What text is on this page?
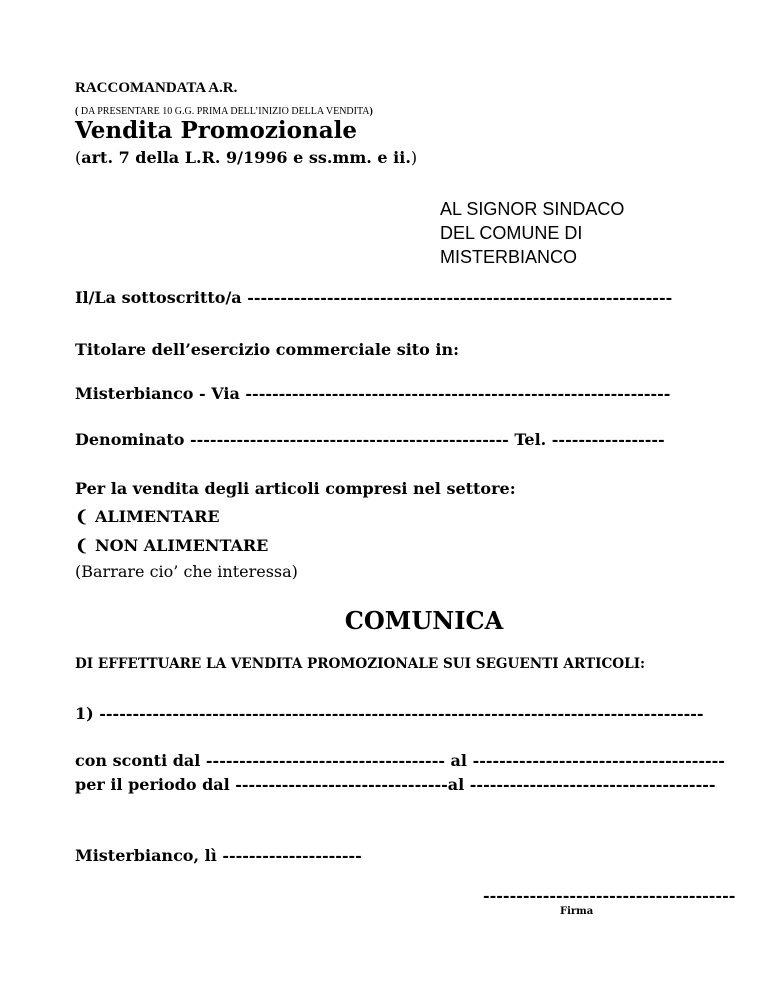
RACCOMANDATA A.R.
( DA PRESENTARE 10 G.G. PRIMA DELL’INIZIO DELLA VENDITA)
Vendita Promozionale
(art. 7 della L.R. 9/1996 e ss.mm. e ii.)
AL SIGNOR SINDACO
DEL COMUNE DI
MISTERBIANCO
Il/La sottoscritto/a ----------------------------------------------------------------
Titolare dell’esercizio commerciale sito in:
Misterbianco - Via ----------------------------------------------------------------
Denominato ------------------------------------------------ Tel. -----------------
Per la vendita degli articoli compresi nel settore:
❨ ALIMENTARE
❨ NON ALIMENTARE
(Barrare cio’ che interessa)
COMUNICA
DI EFFETTUARE LA VENDITA PROMOZIONALE SUI SEGUENTI ARTICOLI:
1) -------------------------------------------------------------------------------------------
con sconti dal ------------------------------------ al --------------------------------------
per il periodo dal --------------------------------al -------------------------------------
Misterbianco, lì ---------------------
--------------------------------------
Firma
